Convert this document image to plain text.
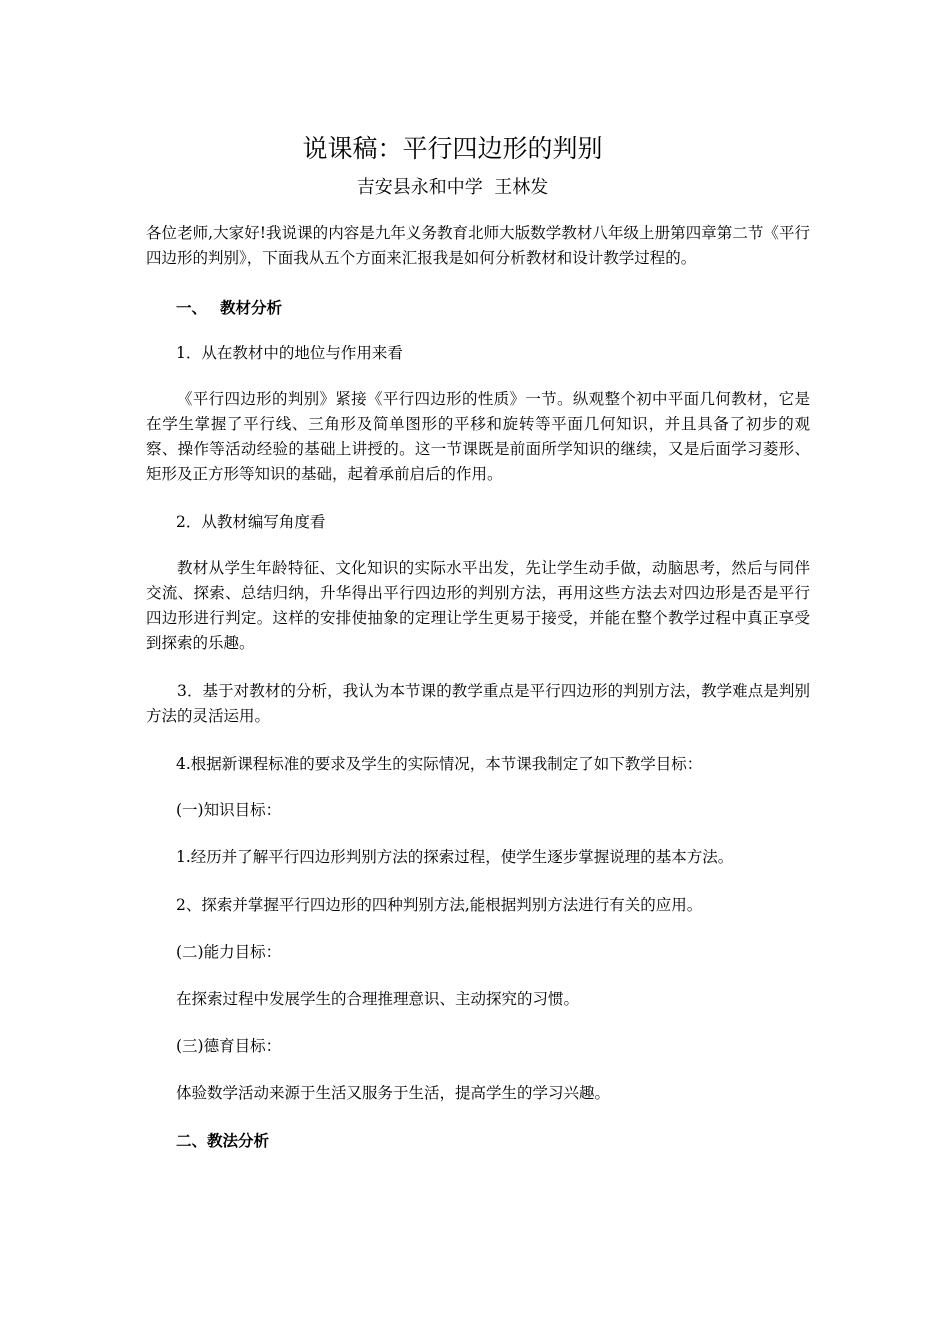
说课稿：平行四边形的判别
吉安县永和中学  王林发

各位老师,大家好!我说课的内容是九年义务教育北师大版数学教材八年级上册第四章第二节《平行四边形的判别》，下面我从五个方面来汇报我是如何分析教材和设计教学过程的。

一、 教材分析

1．从在教材中的地位与作用来看

《平行四边形的判别》紧接《平行四边形的性质》一节。纵观整个初中平面几何教材，它是在学生掌握了平行线、三角形及简单图形的平移和旋转等平面几何知识，并且具备了初步的观察、操作等活动经验的基础上讲授的。这一节课既是前面所学知识的继续，又是后面学习菱形、矩形及正方形等知识的基础，起着承前启后的作用。

2．从教材编写角度看

教材从学生年龄特征、文化知识的实际水平出发，先让学生动手做，动脑思考，然后与同伴交流、探索、总结归纳，升华得出平行四边形的判别方法，再用这些方法去对四边形是否是平行四边形进行判定。这样的安排使抽象的定理让学生更易于接受，并能在整个教学过程中真正享受到探索的乐趣。

3．基于对教材的分析，我认为本节课的教学重点是平行四边形的判别方法，教学难点是判别方法的灵活运用。

4.根据新课程标准的要求及学生的实际情况，本节课我制定了如下教学目标：

(一)知识目标：

1.经历并了解平行四边形判别方法的探索过程，使学生逐步掌握说理的基本方法。

2、探索并掌握平行四边形的四种判别方法,能根据判别方法进行有关的应用。

(二)能力目标：

在探索过程中发展学生的合理推理意识、主动探究的习惯。

(三)德育目标：

体验数学活动来源于生活又服务于生活，提高学生的学习兴趣。

二、教法分析
